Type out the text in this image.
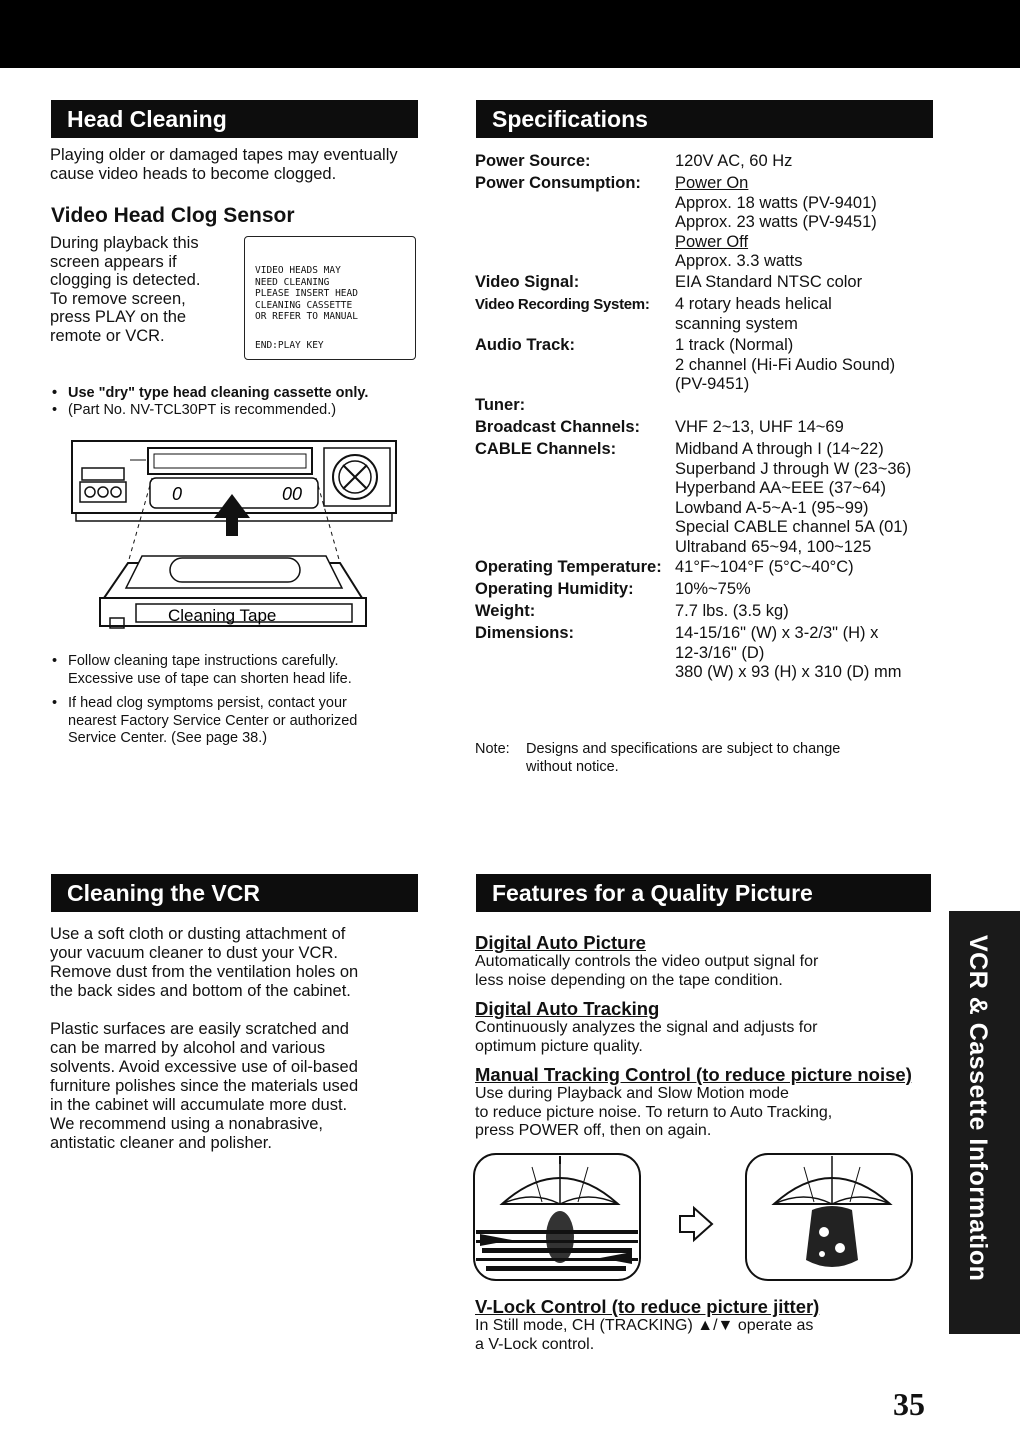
Head Cleaning
Playing older or damaged tapes may eventually
cause video heads to become clogged.
Video Head Clog Sensor
During playback this
screen appears if
clogging is detected.
To remove screen,
press PLAY on the
remote or VCR.
VIDEO HEADS MAY
NEED CLEANING
PLEASE INSERT HEAD
CLEANING CASSETTE
OR REFER TO MANUAL
END:PLAY KEY
• Use "dry" type head cleaning cassette only.
• (Part No. NV-TCL30PT is recommended.)
0	00
Cleaning Tape
• Follow cleaning tape instructions carefully.
Excessive use of tape can shorten head life.
• If head clog symptoms persist, contact your
nearest Factory Service Center or authorized
Service Center. (See page 38.)
Specifications
Power Source:	120V AC, 60 Hz
Power Consumption:	Power On
Approx. 18 watts (PV-9401)
Approx. 23 watts (PV-9451)
Power Off
Approx. 3.3 watts
Video Signal:	EIA Standard NTSC color
Video Recording System:	4 rotary heads helical
scanning system
Audio Track:	1 track (Normal)
2 channel (Hi-Fi Audio Sound)
(PV-9451)
Tuner:
Broadcast Channels:	VHF 2~13, UHF 14~69
CABLE Channels:	Midband A through I (14~22)
Superband J through W (23~36)
Hyperband AA~EEE (37~64)
Lowband A-5~A-1 (95~99)
Special CABLE channel 5A (01)
Ultraband 65~94, 100~125
Operating Temperature: 41°F~104°F (5°C~40°C)
Operating Humidity:	10%~75%
Weight:	7.7 lbs. (3.5 kg)
Dimensions:	14-15/16" (W) x 3-2/3" (H) x
12-3/16" (D)
380 (W) x 93 (H) x 310 (D) mm
Note: Designs and specifications are subject to change
without notice.
Cleaning the VCR
Use a soft cloth or dusting attachment of
your vacuum cleaner to dust your VCR.
Remove dust from the ventilation holes on
the back sides and bottom of the cabinet.
Plastic surfaces are easily scratched and
can be marred by alcohol and various
solvents. Avoid excessive use of oil-based
furniture polishes since the materials used
in the cabinet will accumulate more dust.
We recommend using a nonabrasive,
antistatic cleaner and polisher.
Features for a Quality Picture
Digital Auto Picture
Automatically controls the video output signal for
less noise depending on the tape condition.
Digital Auto Tracking
Continuously analyzes the signal and adjusts for
optimum picture quality.
Manual Tracking Control (to reduce picture noise)
Use during Playback and Slow Motion mode
to reduce picture noise. To return to Auto Tracking,
press POWER off, then on again.
V-Lock Control (to reduce picture jitter)
In Still mode, CH (TRACKING) ▲/▼ operate as
a V-Lock control.
VCR & Cassette Information
35
